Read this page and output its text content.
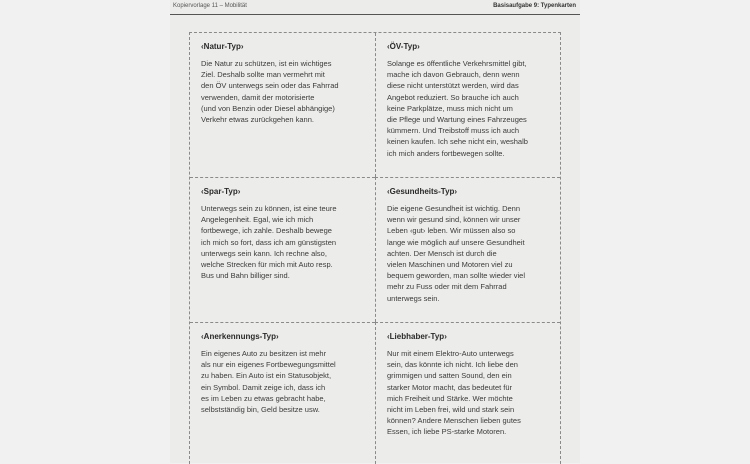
Kopiervorlage 11 – Mobilität	Basisaufgabe 9: Typenkarten
‹Natur-Typ›
Die Natur zu schützen, ist ein wichtiges
Ziel. Deshalb sollte man vermehrt mit
den ÖV unterwegs sein oder das Fahrrad
verwenden, damit der motorisierte
(und von Benzin oder Diesel abhängige)
Verkehr etwas zurückgehen kann.
‹ÖV-Typ›
Solange es öffentliche Verkehrsmittel gibt,
mache ich davon Gebrauch, denn wenn
diese nicht unterstützt werden, wird das
Angebot reduziert. So brauche ich auch
keine Parkplätze, muss mich nicht um
die Pflege und Wartung eines Fahrzeuges
kümmern. Und Treibstoff muss ich auch
keinen kaufen. Ich sehe nicht ein, weshalb
ich mich anders fortbewegen sollte.
‹Spar-Typ›
Unterwegs sein zu können, ist eine teure
Angelegenheit. Egal, wie ich mich
fortbewege, ich zahle. Deshalb bewege
ich mich so fort, dass ich am günstigsten
unterwegs sein kann. Ich rechne also,
welche Strecken für mich mit Auto resp.
Bus und Bahn billiger sind.
‹Gesundheits-Typ›
Die eigene Gesundheit ist wichtig. Denn
wenn wir gesund sind, können wir unser
Leben ‹gut› leben. Wir müssen also so
lange wie möglich auf unsere Gesundheit
achten. Der Mensch ist durch die
vielen Maschinen und Motoren viel zu
bequem geworden, man sollte wieder viel
mehr zu Fuss oder mit dem Fahrrad
unterwegs sein.
‹Anerkennungs-Typ›
Ein eigenes Auto zu besitzen ist mehr
als nur ein eigenes Fortbewegungsmittel
zu haben. Ein Auto ist ein Statusobjekt,
ein Symbol. Damit zeige ich, dass ich
es im Leben zu etwas gebracht habe,
selbstständig bin, Geld besitze usw.
‹Liebhaber-Typ›
Nur mit einem Elektro-Auto unterwegs
sein, das könnte ich nicht. Ich liebe den
grimmigen und satten Sound, den ein
starker Motor macht, das bedeutet für
mich Freiheit und Stärke. Wer möchte
nicht im Leben frei, wild und stark sein
können? Andere Menschen lieben gutes
Essen, ich liebe PS-starke Motoren.
